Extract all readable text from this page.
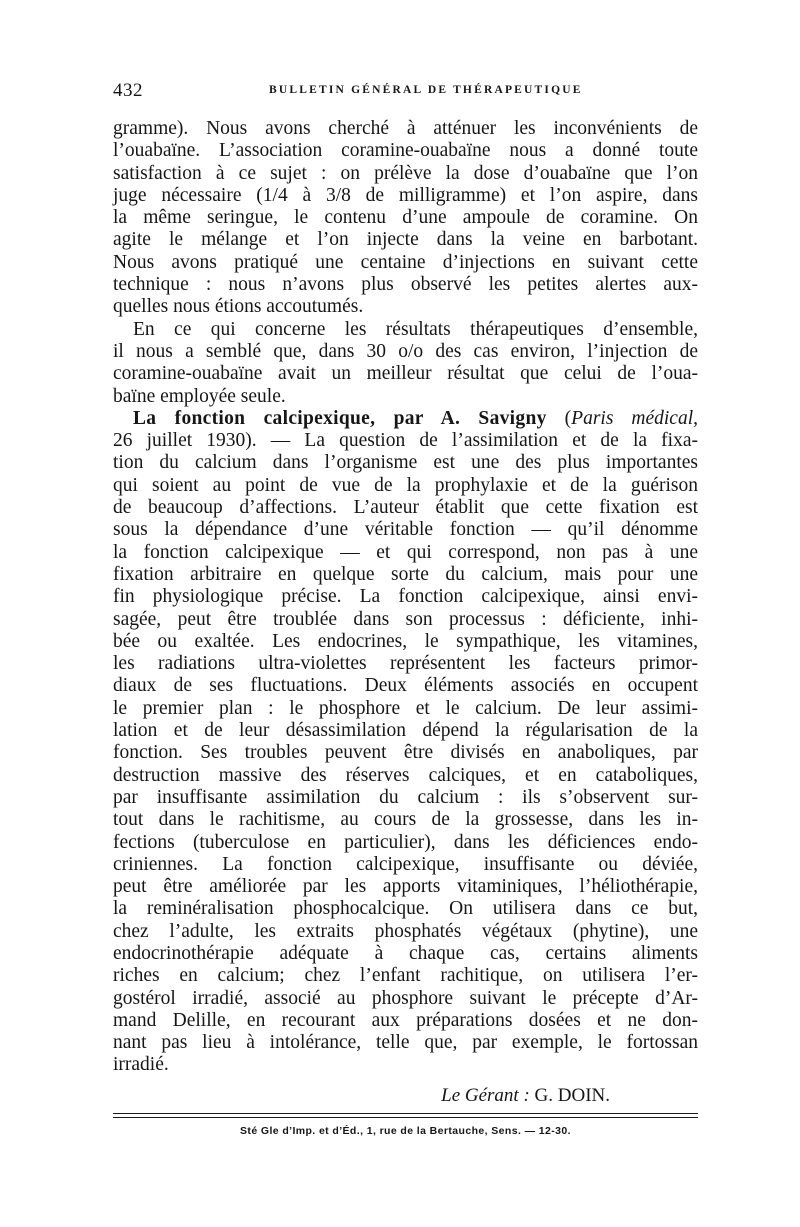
432	BULLETIN GÉNÉRAL DE THÉRAPEUTIQUE
gramme). Nous avons cherché à atténuer les inconvénients de
l’ouabaïne. L’association coramine-ouabaïne nous a donné toute
satisfaction à ce sujet : on prélève la dose d’ouabaïne que l’on
juge nécessaire (1/4 à 3/8 de milligramme) et l’on aspire, dans
la même seringue, le contenu d’une ampoule de coramine. On
agite le mélange et l’on injecte dans la veine en barbotant.
Nous avons pratiqué une centaine d’injections en suivant cette
technique : nous n’avons plus observé les petites alertes aux-
quelles nous étions accoutumés.
En ce qui concerne les résultats thérapeutiques d’ensemble,
il nous a semblé que, dans 30 o/o des cas environ, l’injection de
coramine-ouabaïne avait un meilleur résultat que celui de l’oua-
baïne employée seule.
La fonction calcipexique, par A. Savigny (Paris médical,
26 juillet 1930). — La question de l’assimilation et de la fixa-
tion du calcium dans l’organisme est une des plus importantes
qui soient au point de vue de la prophylaxie et de la guérison
de beaucoup d’affections. L’auteur établit que cette fixation est
sous la dépendance d’une véritable fonction — qu’il dénomme
la fonction calcipexique — et qui correspond, non pas à une
fixation arbitraire en quelque sorte du calcium, mais pour une
fin physiologique précise. La fonction calcipexique, ainsi envi-
sagée, peut être troublée dans son processus : déficiente, inhi-
bée ou exaltée. Les endocrines, le sympathique, les vitamines,
les radiations ultra-violettes représentent les facteurs primor-
diaux de ses fluctuations. Deux éléments associés en occupent
le premier plan : le phosphore et le calcium. De leur assimi-
lation et de leur désassimilation dépend la régularisation de la
fonction. Ses troubles peuvent être divisés en anaboliques, par
destruction massive des réserves calciques, et en cataboliques,
par insuffisante assimilation du calcium : ils s’observent sur-
tout dans le rachitisme, au cours de la grossesse, dans les in-
fections (tuberculose en particulier), dans les déficiences endo-
criniennes. La fonction calcipexique, insuffisante ou déviée,
peut être améliorée par les apports vitaminiques, l’héliothérapie,
la reminéralisation phosphocalcique. On utilisera dans ce but,
chez l’adulte, les extraits phosphatés végétaux (phytine), une
endocrinothérapie adéquate à chaque cas, certains aliments
riches en calcium; chez l’enfant rachitique, on utilisera l’er-
gostérol irradié, associé au phosphore suivant le précepte d’Ar-
mand Delille, en recourant aux préparations dosées et ne don-
nant pas lieu à intolérance, telle que, par exemple, le fortossan
irradié.
Le Gérant : G. DOIN.
Sté Gle d’Imp. et d’Éd., 1, rue de la Bertauche, Sens. — 12-30.
